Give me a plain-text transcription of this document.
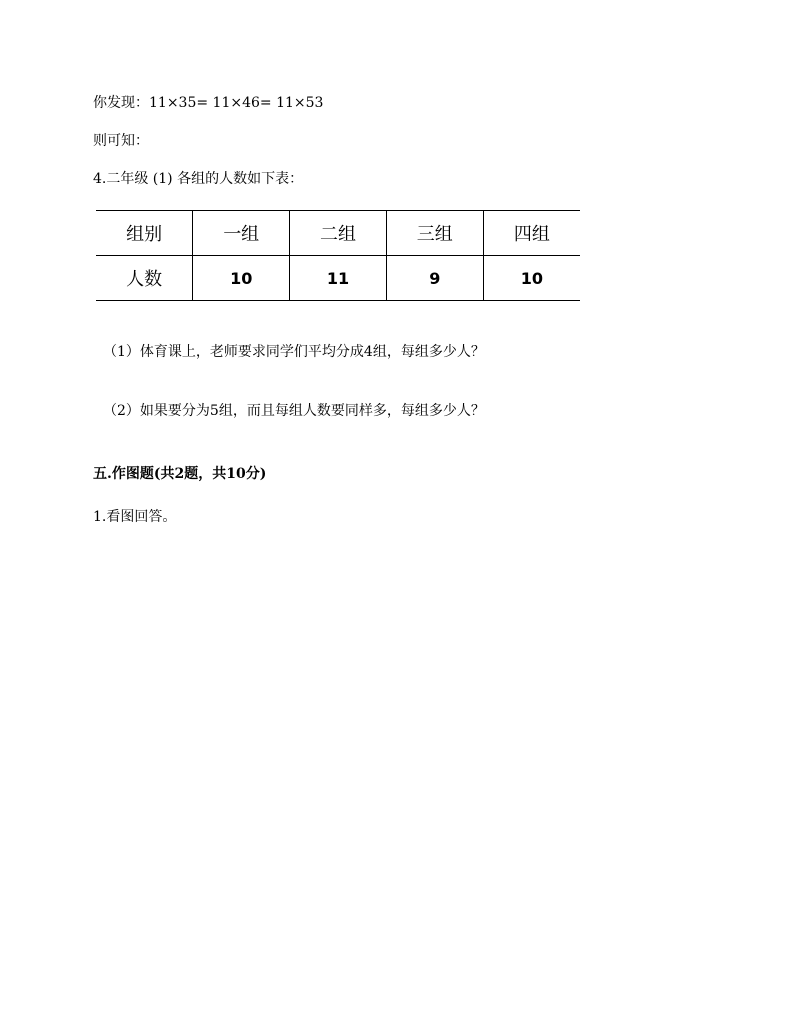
你发现：11×35= 11×46= 11×53
则可知：
4.二年级 (1) 各组的人数如下表：
组别	一组	二组	三组	四组
人数	10	11	9	10
（1）体育课上，老师要求同学们平均分成4组，每组多少人？
（2）如果要分为5组，而且每组人数要同样多，每组多少人？
五.作图题(共2题，共10分)
1.看图回答。
